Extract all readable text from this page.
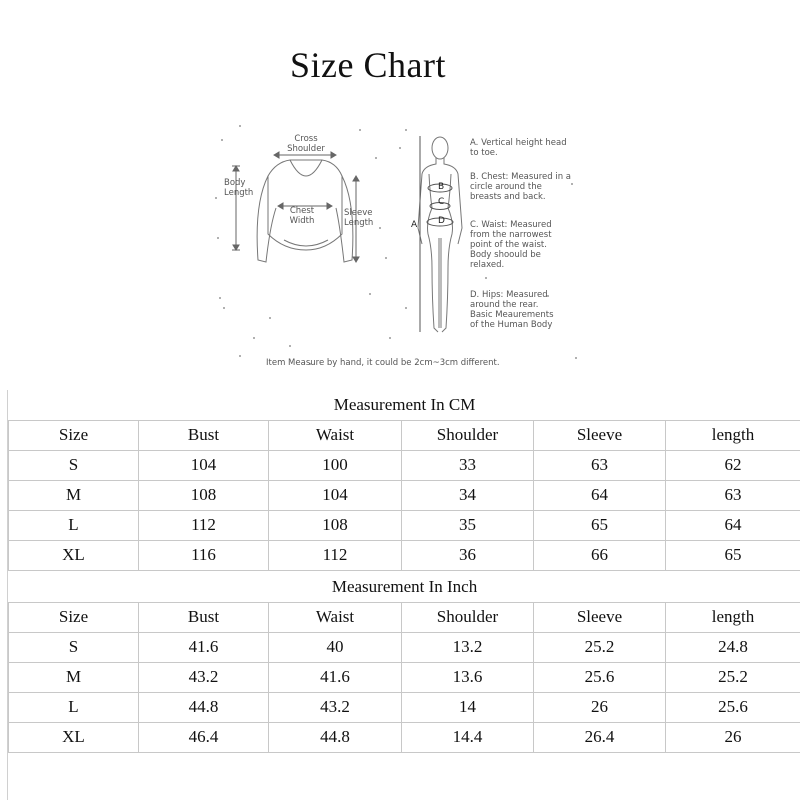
Size Chart
Cross
Shoulder
Body
Length
Chest
Width
Sleeve
Length	A
B
C
D
A. Vertical height head
to toe.
B. Chest: Measured in a
circle around the
breasts and back.
C. Waist: Measured
from the narrowest
point of the waist.
Body shoould be
relaxed.
D. Hips: Measured
around the rear.
Basic Meaurements
of the Human Body
Item Measure by hand, it could be 2cm~3cm different.
Measurement In CM					
Size	Bust	Waist	Shoulder	Sleeve	length
S	104	100	33	63	62
M	108	104	34	64	63
L	112	108	35	65	64
XL	116	112	36	66	65
Measurement In Inch					
Size	Bust	Waist	Shoulder	Sleeve	length
S	41.6	40	13.2	25.2	24.8
M	43.2	41.6	13.6	25.6	25.2
L	44.8	43.2	14	26	25.6
XL	46.4	44.8	14.4	26.4	26
